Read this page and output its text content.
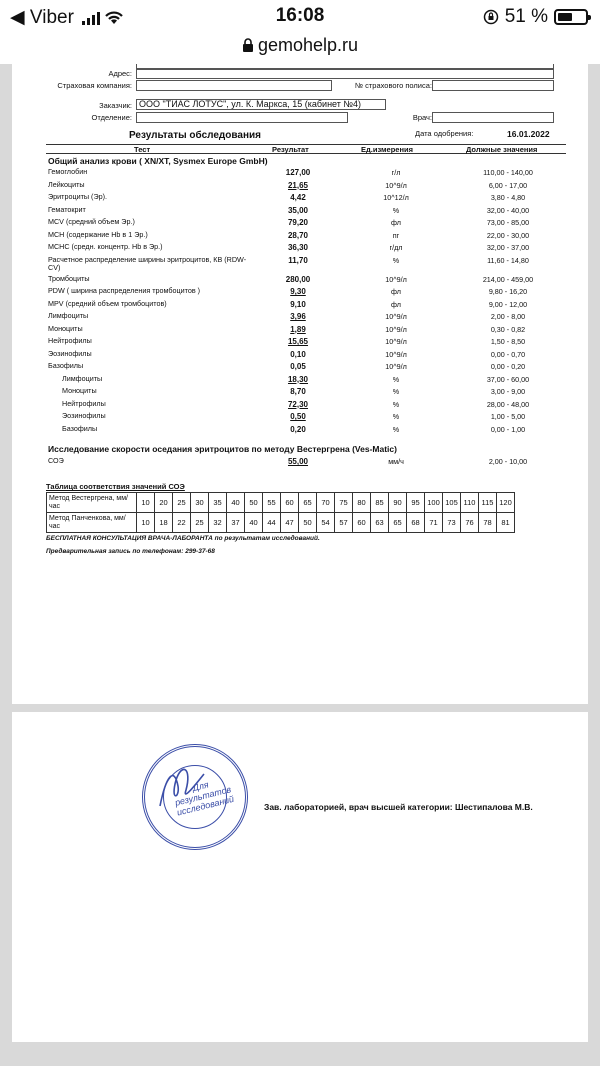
◀ Viber	16:08	51 %
gemohelp.ru
Адрес:
Страховая компания:	№ страхового полиса:
Заказчик: ООО "ТИАС ЛОТУС", ул. К. Маркса, 15 (кабинет №4)
Отделение:	Врач:
Результаты обследования	Дата одобрения:	16.01.2022
Тест	Результат	Ед.измерения	Должные значения
Общий анализ крови ( XN/XT, Sysmex Europe GmbH)
Гемоглобин	127,00	г/л	110,00 - 140,00
Лейкоциты	21,65	10^9/л	6,00 - 17,00
Эритроциты (Эр).	4,42	10^12/л	3,80 - 4,80
Гематокрит	35,00	%	32,00 - 40,00
MCV (средний объем Эр.)	79,20	фл	73,00 - 85,00
MCH (содержание Hb в 1 Эр.)	28,70	пг	22,00 - 30,00
MCHC (средн. концентр. Hb в Эр.)	36,30	г/дл	32,00 - 37,00
Расчетное распределение ширины эритроцитов, КВ (RDW-CV)
11,70	%	11,60 - 14,80
Тромбоциты	280,00	10^9/л	214,00 - 459,00
PDW ( ширина распределения тромбоцитов )	9,30	фл	9,80 - 16,20
MPV (средний объем тромбоцитов)	9,10	фл	9,00 - 12,00
Лимфоциты	3,96	10^9/л	2,00 - 8,00
Моноциты	1,89	10^9/л	0,30 - 0,82
Нейтрофилы	15,65	10^9/л	1,50 - 8,50
Эозинофилы	0,10	10^9/л	0,00 - 0,70
Базофилы	0,05	10^9/л	0,00 - 0,20
Лимфоциты	18,30	%	37,00 - 60,00
Моноциты	8,70	%	3,00 - 9,00
Нейтрофилы	72,30	%	28,00 - 48,00
Эозинофилы	0,50	%	1,00 - 5,00
Базофилы	0,20	%	0,00 - 1,00
Исследование скорости оседания эритроцитов по методу Вестергрена (Ves-Matic)
СОЭ	55,00	мм/ч	2,00 - 10,00
Таблица соответствия значений СОЭ
Метод Вестергрена, мм/час	10	20	25	30	35	40	50	55	60	65	70	75	80	85	90	95	100	105	110	115	120
Метод Панченкова, мм/час	10	18	22	25	32	37	40	44	47	50	54	57	60	63	65	68	71	73	76	78	81
БЕСПЛАТНАЯ КОНСУЛЬТАЦИЯ ВРАЧА-ЛАБОРАНТА по результатам исследований.
Предварительная запись по телефонам: 299-37-68
Для результатов исследований	Зав. лабораторией, врач высшей категории: Шестипалова М.В.
